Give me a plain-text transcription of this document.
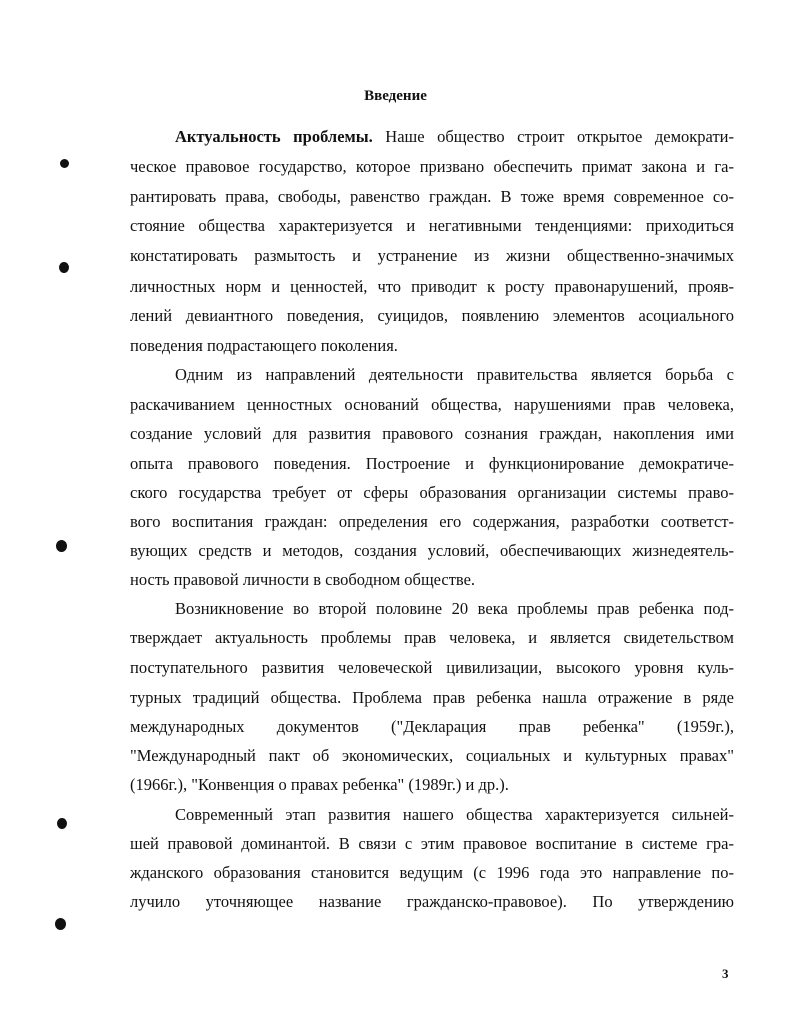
Введение
Актуальность проблемы. Наше общество строит открытое демократи-
ческое правовое государство, которое призвано обеспечить примат закона и га-
рантировать права, свободы, равенство граждан. В тоже время современное со-
стояние общества характеризуется и негативными тенденциями: приходиться
констатировать размытость и устранение из жизни общественно-значимых
личностных норм и ценностей, что приводит к росту правонарушений, прояв-
лений девиантного поведения, суицидов, появлению элементов асоциального
поведения подрастающего поколения.
Одним из направлений деятельности правительства является борьба с
раскачиванием ценностных оснований общества, нарушениями прав человека,
создание условий для развития правового сознания граждан, накопления ими
опыта правового поведения. Построение и функционирование демократиче-
ского государства требует от сферы образования организации системы право-
вого воспитания граждан: определения его содержания, разработки соответст-
вующих средств и методов, создания условий, обеспечивающих жизнедеятель-
ность правовой личности в свободном обществе.
Возникновение во второй половине 20 века проблемы прав ребенка под-
тверждает актуальность проблемы прав человека, и является свидетельством
поступательного развития человеческой цивилизации, высокого уровня куль-
турных традиций общества. Проблема прав ребенка нашла отражение в ряде
международных документов ("Декларация прав ребенка" (1959г.),
"Международный пакт об экономических, социальных и культурных правах"
(1966г.), "Конвенция о правах ребенка" (1989г.) и др.).
Современный этап развития нашего общества характеризуется сильней-
шей правовой доминантой. В связи с этим правовое воспитание в системе гра-
жданского образования становится ведущим (с 1996 года это направление по-
лучило уточняющее название гражданско-правовое). По утверждению
3
